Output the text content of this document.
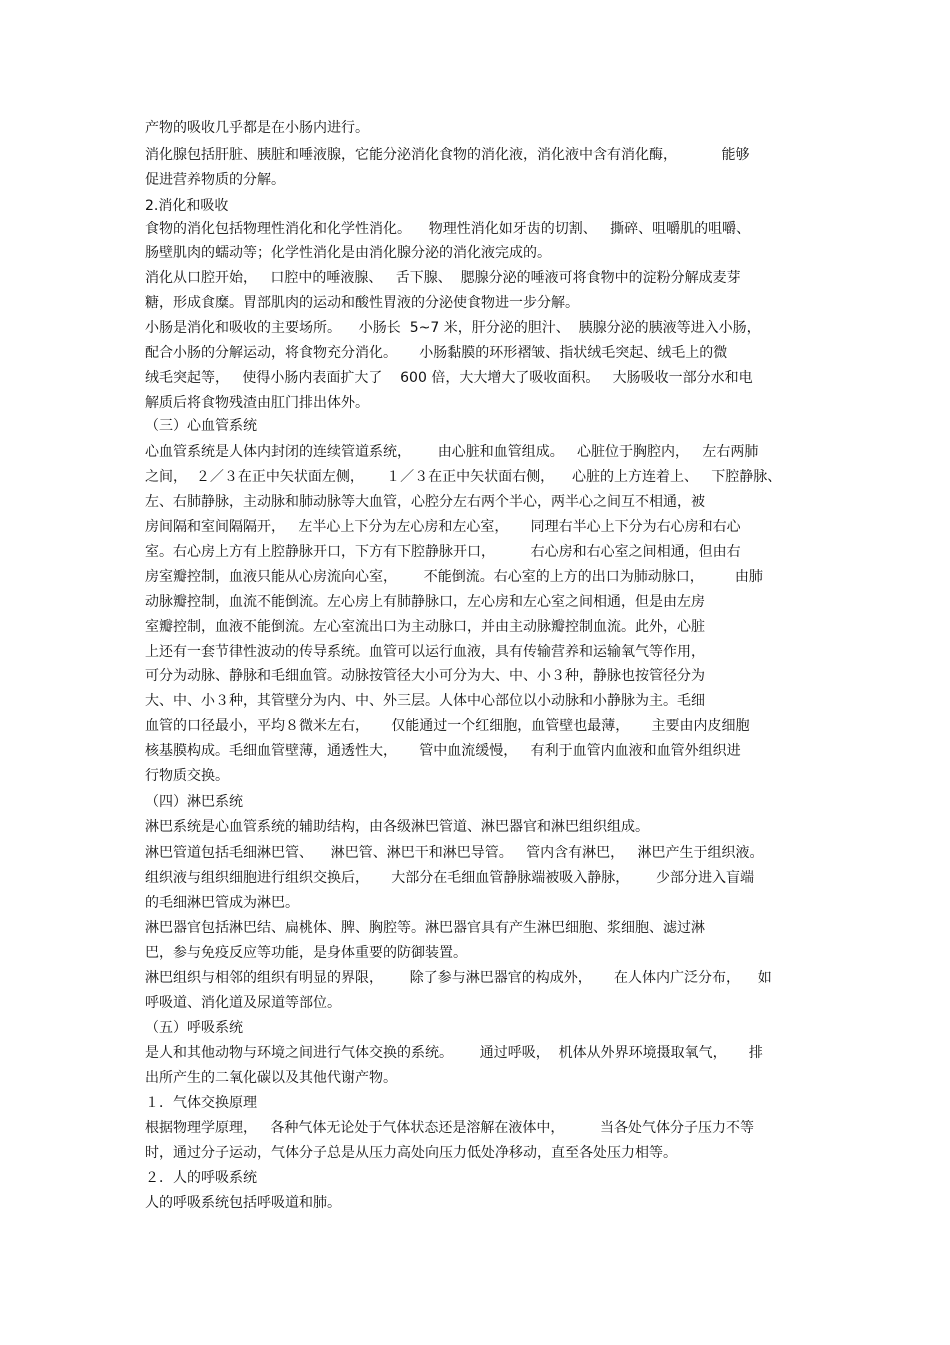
产物的吸收几乎都是在小肠内进行。

消化腺包括肝脏、胰脏和唾液腺，它能分泌消化食物的消化液，消化液中含有消化酶，          能够

促进营养物质的分解。

2.消化和吸收

食物的消化包括物理性消化和化学性消化。    物理性消化如牙齿的切割、   撕碎、咀嚼肌的咀嚼、

肠壁肌肉的蠕动等；化学性消化是由消化腺分泌的消化液完成的。

消化从口腔开始，   口腔中的唾液腺、   舌下腺、  腮腺分泌的唾液可将食物中的淀粉分解成麦芽

糖，形成食糜。胃部肌肉的运动和酸性胃液的分泌使食物进一步分解。

小肠是消化和吸收的主要场所。    小肠长  5~7 米，肝分泌的胆汁、  胰腺分泌的胰液等进入小肠，

配合小肠的分解运动，将食物充分消化。     小肠黏膜的环形褶皱、指状绒毛突起、绒毛上的微

绒毛突起等，   使得小肠内表面扩大了    600 倍，大大增大了吸收面积。   大肠吸收一部分水和电

解质后将食物残渣由肛门排出体外。

（三）心血管系统

心血管系统是人体内封闭的连续管道系统，      由心脏和血管组成。   心脏位于胸腔内，   左右两肺

之间，  ２／３在正中矢状面左侧，     １／３在正中矢状面右侧，    心脏的上方连着上、   下腔静脉、

左、右肺静脉，主动脉和肺动脉等大血管，心腔分左右两个半心，两半心之间互不相通，被

房间隔和室间隔隔开，   左半心上下分为左心房和左心室，     同理右半心上下分为右心房和右心

室。右心房上方有上腔静脉开口，下方有下腔静脉开口，        右心房和右心室之间相通，但由右

房室瓣控制，血液只能从心房流向心室，      不能倒流。右心室的上方的出口为肺动脉口，       由肺

动脉瓣控制，血流不能倒流。左心房上有肺静脉口，左心房和左心室之间相通，但是由左房

室瓣控制，血液不能倒流。左心室流出口为主动脉口，并由主动脉瓣控制血流。此外，心脏

上还有一套节律性波动的传导系统。血管可以运行血液，具有传输营养和运输氧气等作用，

可分为动脉、静脉和毛细血管。动脉按管径大小可分为大、中、小３种，静脉也按管径分为

大、中、小３种，其管壁分为内、中、外三层。人体中心部位以小动脉和小静脉为主。毛细

血管的口径最小，平均８微米左右，     仅能通过一个红细胞，血管壁也最薄，     主要由内皮细胞

核基膜构成。毛细血管壁薄，通透性大，     管中血流缓慢，   有利于血管内血液和血管外组织进

行物质交换。

（四）淋巴系统

淋巴系统是心血管系统的辅助结构，由各级淋巴管道、淋巴器官和淋巴组织组成。

淋巴管道包括毛细淋巴管、    淋巴管、淋巴干和淋巴导管。   管内含有淋巴，   淋巴产生于组织液。

组织液与组织细胞进行组织交换后，     大部分在毛细血管静脉端被吸入静脉，      少部分进入盲端

的毛细淋巴管成为淋巴。

淋巴器官包括淋巴结、扁桃体、脾、胸腔等。淋巴器官具有产生淋巴细胞、浆细胞、滤过淋

巴，参与免疫反应等功能，是身体重要的防御装置。

淋巴组织与相邻的组织有明显的界限，      除了参与淋巴器官的构成外，     在人体内广泛分布，    如

呼吸道、消化道及尿道等部位。

（五）呼吸系统

是人和其他动物与环境之间进行气体交换的系统。      通过呼吸，  机体从外界环境摄取氧气，     排

出所产生的二氧化碳以及其他代谢产物。

１．气体交换原理

根据物理学原理，   各种气体无论处于气体状态还是溶解在液体中，        当各处气体分子压力不等

时，通过分子运动，气体分子总是从压力高处向压力低处净移动，直至各处压力相等。

２．人的呼吸系统

人的呼吸系统包括呼吸道和肺。
